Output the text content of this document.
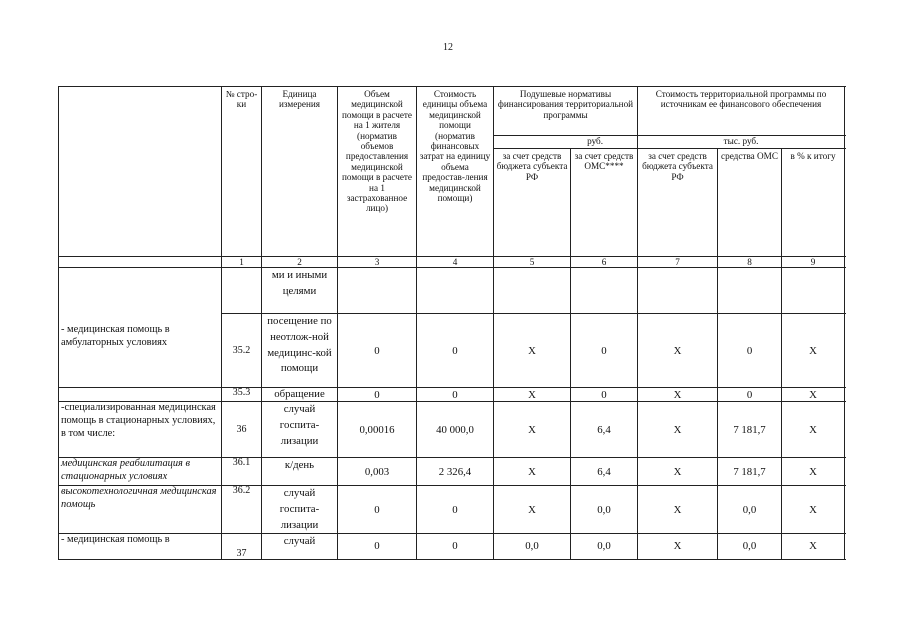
12
	№ стро-ки	Единица измерения	Объем медицинской помощи в расчете на 1 жителя (норматив объемов предоставления медицинской помощи в расчете на 1 застрахованное лицо)	Стоимость единицы объема медицинской помощи (норматив финансовых затрат на единицу объема предостав-ления медицинской помощи)	Подушевые нормативы финансирования территориальной программы		Стоимость территориальной программы по источникам ее финансового обеспечения		
					руб.		тыс. руб.		
					за счет средств бюджета субъекта РФ	за счет средств ОМС****	за счет средств бюджета субъекта РФ	средства ОМС	в % к итогу
	1	2	3	4	5	6	7	8	9
- медицинская помощь в амбулаторных условиях		ми и иными целями							
	35.2	посещение по неотлож-ной медицинс-кой помощи	0	0	X	0	X	0	X
	35.3	обращение	0	0	X	0	X	0	X
-специализированная медицинская помощь в стационарных условиях, в том числе:	36	случай госпита-лизации	0,00016	40 000,0	X	6,4	X	7 181,7	X
медицинская реабилитация в стационарных условиях	36.1	к/день	0,003	2 326,4	X	6,4	X	7 181,7	X
высокотехнологичная медицинская помощь	36.2	случай госпита-лизации	0	0	X	0,0	X	0,0	X
- медицинская помощь в	37	случай	0	0	0,0	0,0	X	0,0	X
